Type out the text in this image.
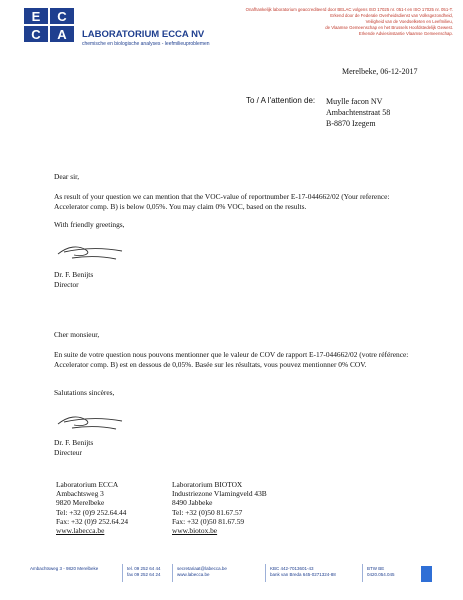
E	C
C	A	LABORATORIUM ECCA NV
chemische en biologische analyses - leefmilieuproblemen
Onafhankelijk laboratorium geaccrediteerd door BELAC volgens ISO 17025 nr. 051-t en ISO 17025 nr. 051-T.
Erkend door de Federale Overheidsdienst van Volksgezondheid,
Veiligheid van de Voedselketen en Leefmilieu,
de Vlaamse Gemeenschap en het Brussels Hoofdstedelijk Gewest.
Erkende Adviesinstantie Vlaamse Gemeenschap.
Merelbeke, 06-12-2017
To / A l'attention de: Muylle facon NV
Ambachtenstraat 58
B-8870 Izegem
Dear sir,
As result of your question we can mention that the VOC-value of reportnumber E-17-044662/02 (Your reference: Accelerator comp. B) is below 0,05%. You may claim 0% VOC, based on the results.
With friendly greetings,
Dr. F. Benijts
Director
Cher monsieur,
En suite de votre question nous pouvons mentionner que le valeur de COV de rapport E-17-044662/02 (votre référence: Accelerator comp. B) est en dessous de 0,05%. Basée sur les résultats, vous pouvez mentionner 0% COV.
Salutations sincères,
Dr. F. Benijts
Directeur
Laboratorium ECCA
Ambachtsweg 3
9820 Merelbeke
Tel: +32 (0)9 252.64.44
Fax: +32 (0)9 252.64.24
www.labecca.be
Laboratorium BIOTOX
Industriezone Vlamingveld 43B
8490 Jabbeke
Tel: +32 (0)50 81.67.57
Fax: +32 (0)50 81.67.59
www.biotox.be
Ambachtsweg 3 - 9820 Merelbeke	tel. 09 252 64 44
fax 09 252 64 24
secretariaat@labecca.be
www.labecca.be
KBC 442-7013601-43
bank van Breda 645-0271324-88
BTW BE
0420.054.045
